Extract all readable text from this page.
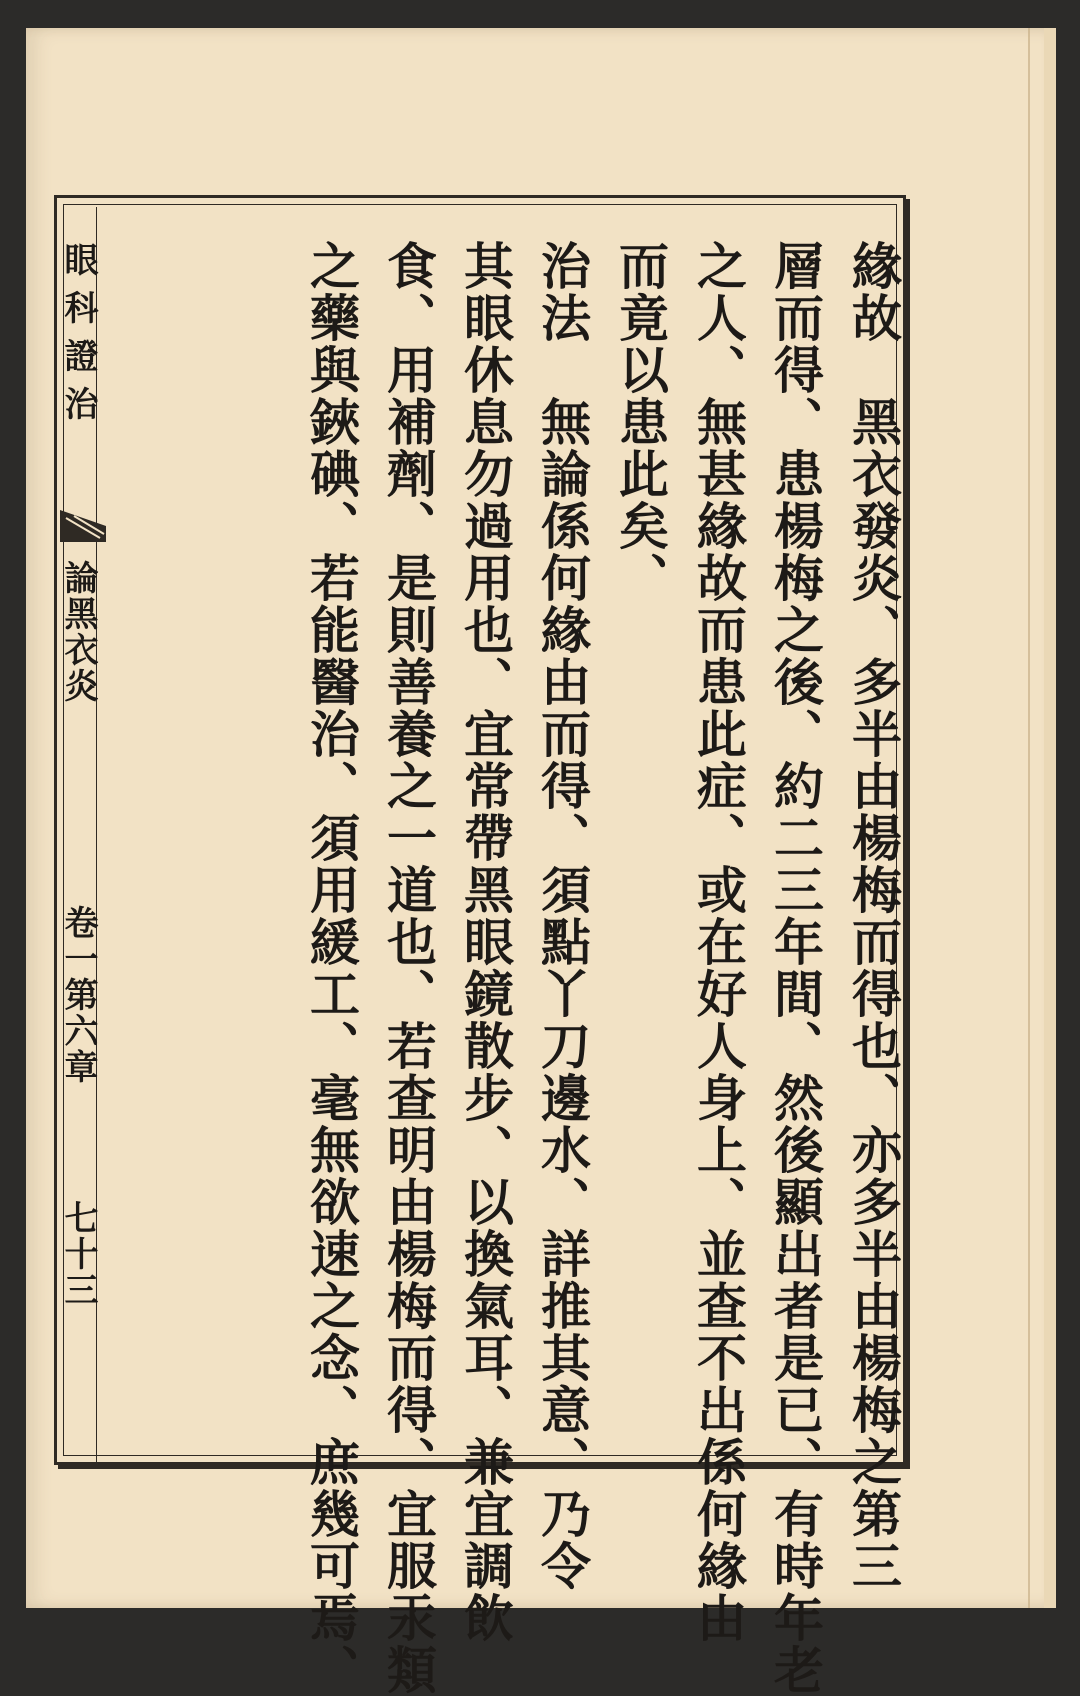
眼科證治
論黑衣炎
卷一第六章
七十三	緣故　黑衣發炎、多半由楊梅而得也、亦多半由楊梅之第三
層而得、患楊梅之後、約二三年間、然後顯出者是已、有時年老
之人、無甚緣故而患此症、或在好人身上、並查不出係何緣由
而竟以患此矣、
治法　無論係何緣由而得、須點丫刀邊水、詳推其意、乃令
其眼休息勿過用也、宜常帶黑眼鏡散步、以換氣耳、兼宜調飲
食、用補劑、是則善養之一道也、若查明由楊梅而得、宜服汞類
之藥與鋏碘、若能醫治、須用緩工、毫無欲速之念、庶幾可焉、
